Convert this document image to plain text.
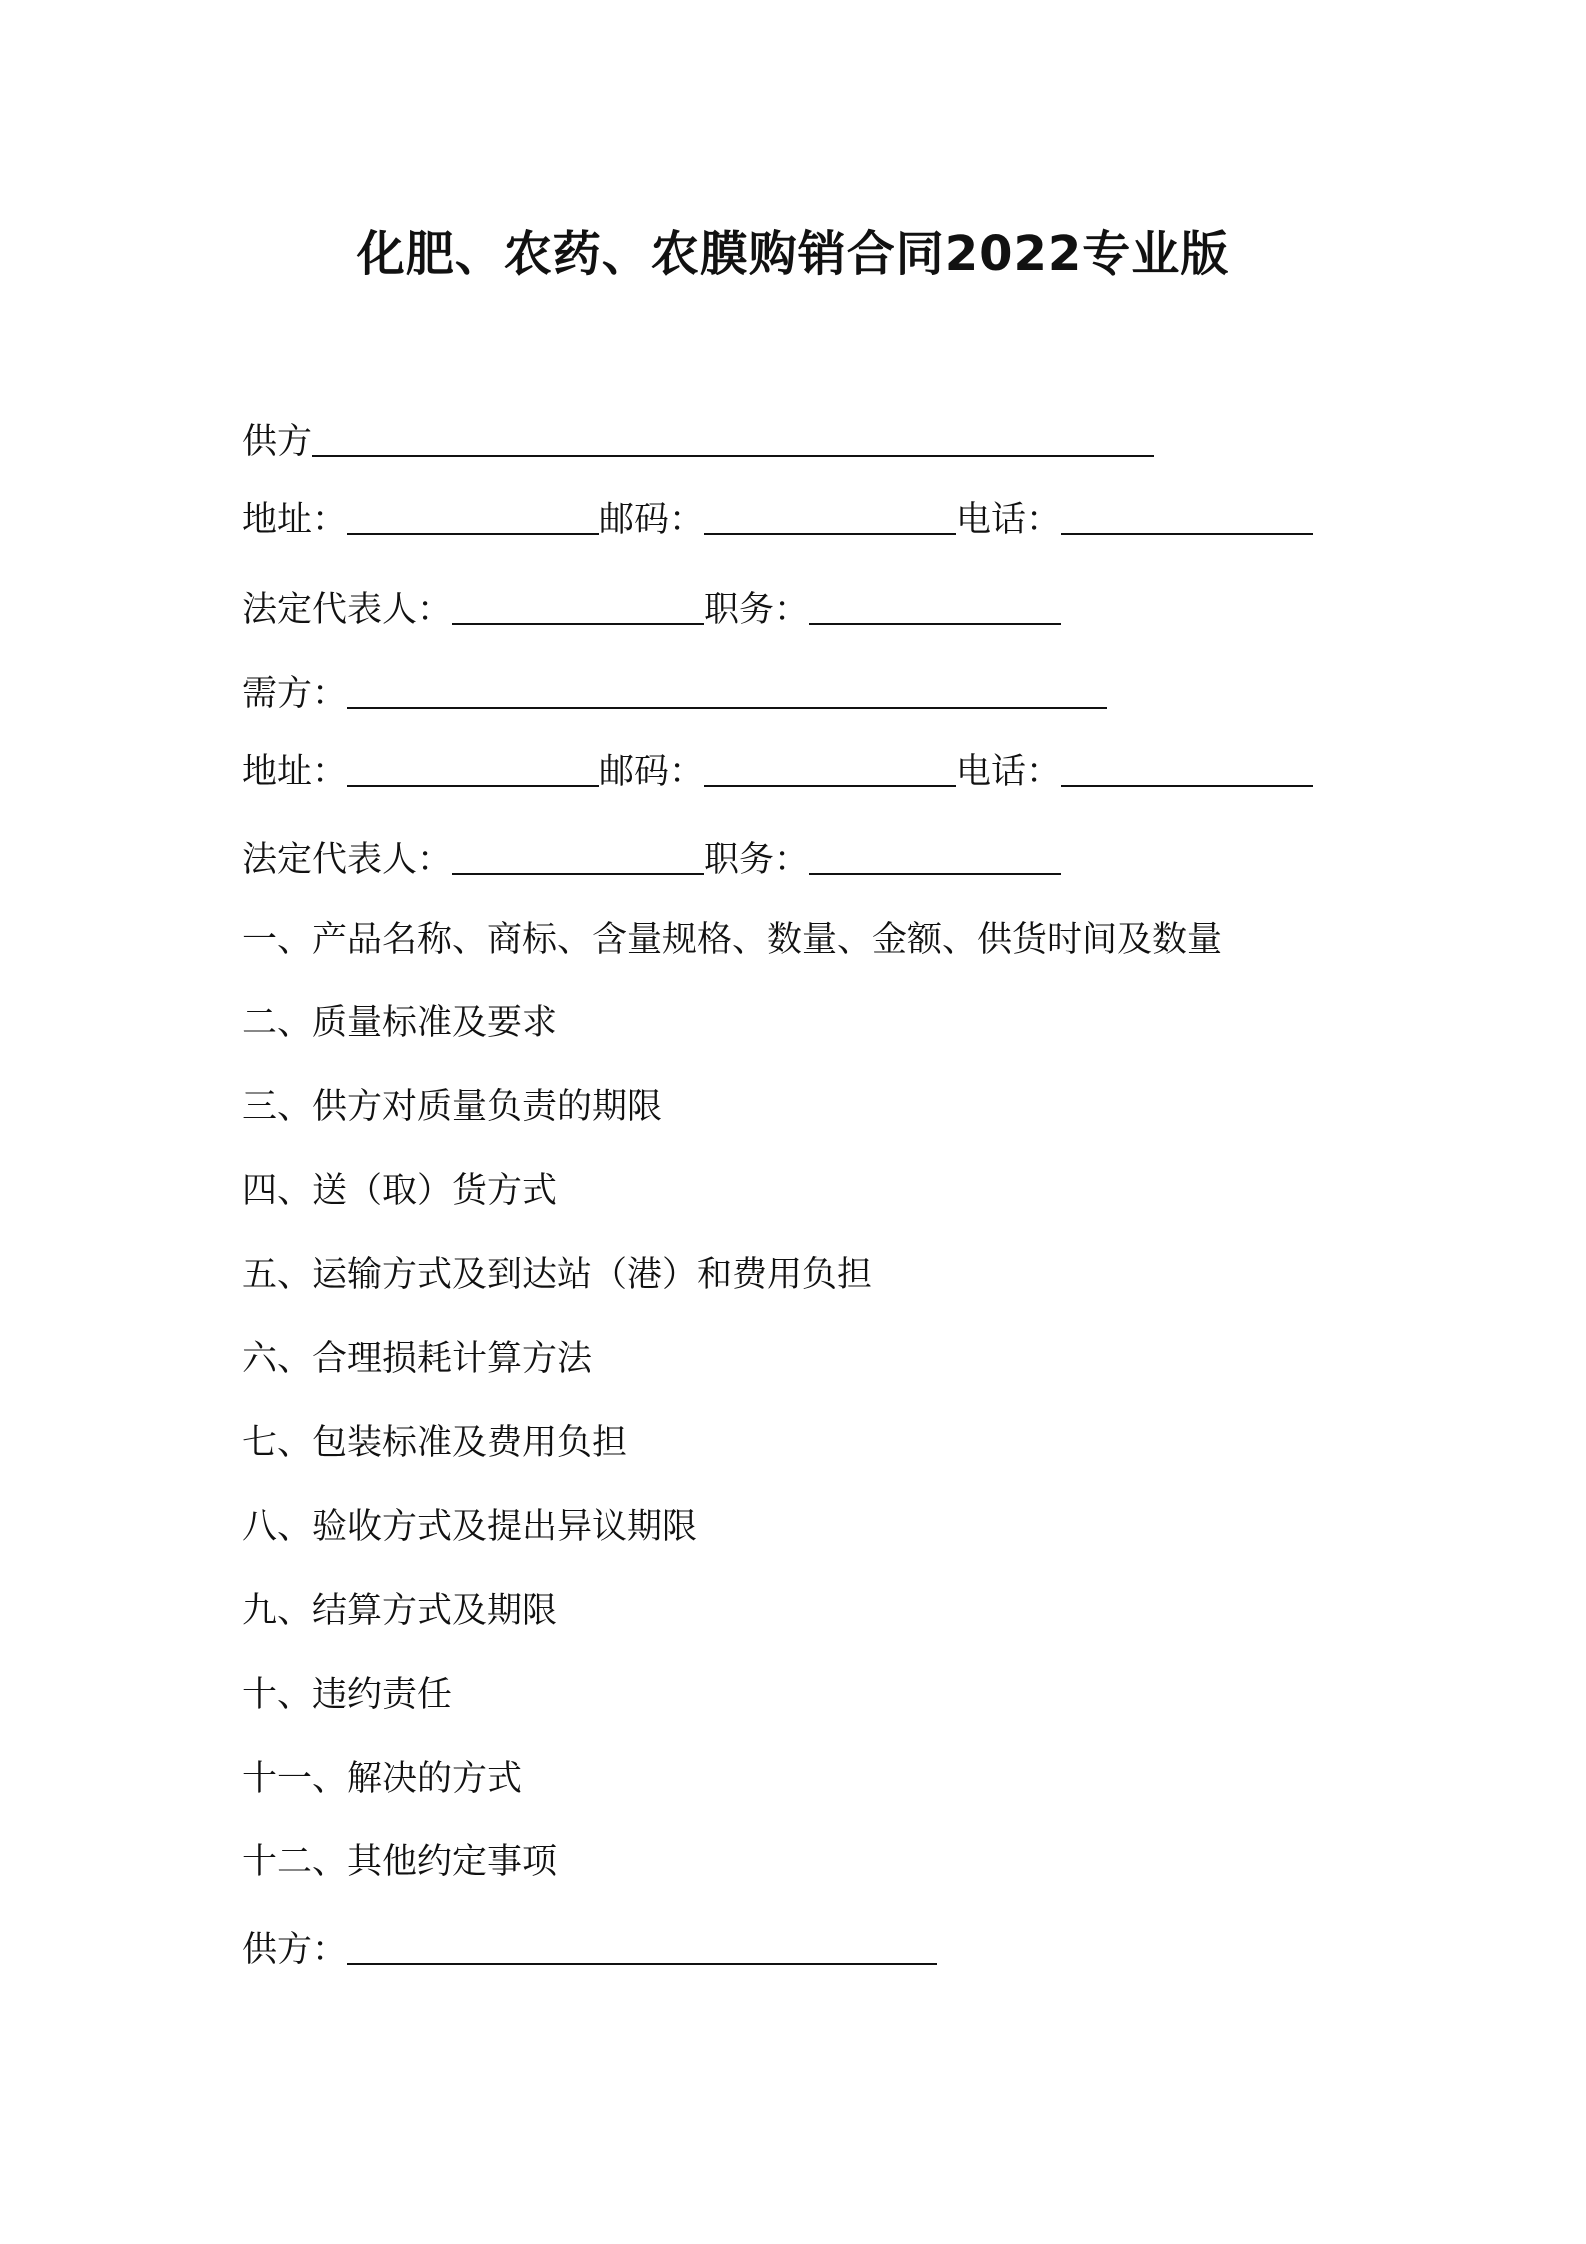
化肥、农药、农膜购销合同2022专业版
供方
地址：	邮码：	电话：
法定代表人：	职务：
需方：
地址：	邮码：	电话：
法定代表人：	职务：
一、产品名称、商标、含量规格、数量、金额、供货时间及数量
二、质量标准及要求
三、供方对质量负责的期限
四、送（取）货方式
五、运输方式及到达站（港）和费用负担
六、合理损耗计算方法
七、包装标准及费用负担
八、验收方式及提出异议期限
九、结算方式及期限
十、违约责任
十一、解决的方式
十二、其他约定事项
供方：
